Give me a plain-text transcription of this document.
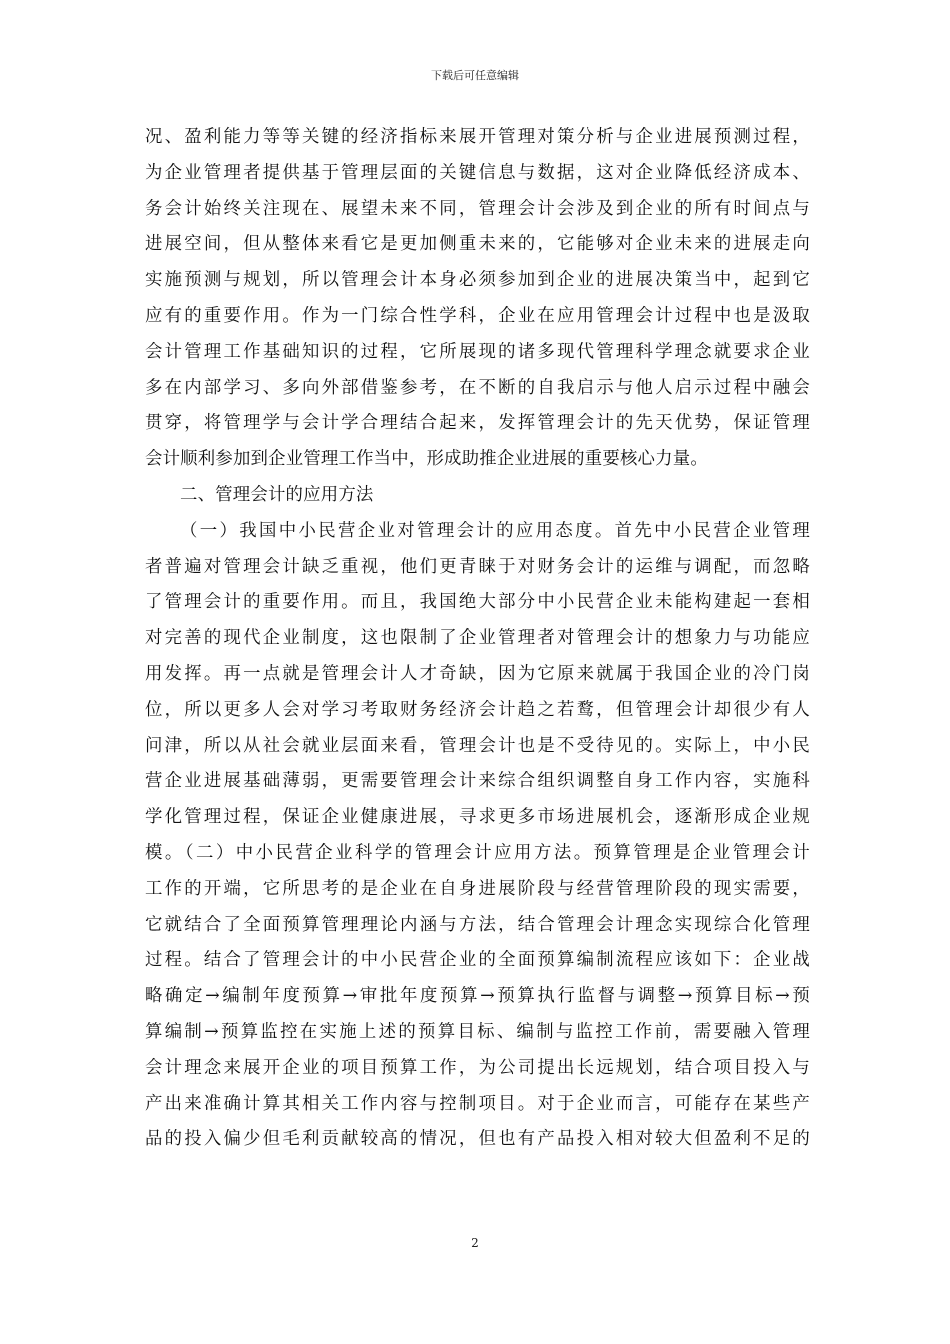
下载后可任意编辑
况、盈利能力等等关键的经济指标来展开管理对策分析与企业进展预测过程，
为企业管理者提供基于管理层面的关键信息与数据，这对企业降低经济成本、
务会计始终关注现在、展望未来不同，管理会计会涉及到企业的所有时间点与
进展空间，但从整体来看它是更加侧重未来的，它能够对企业未来的进展走向
实施预测与规划，所以管理会计本身必须参加到企业的进展决策当中，起到它
应有的重要作用。作为一门综合性学科，企业在应用管理会计过程中也是汲取
会计管理工作基础知识的过程，它所展现的诸多现代管理科学理念就要求企业
多在内部学习、多向外部借鉴参考，在不断的自我启示与他人启示过程中融会
贯穿，将管理学与会计学合理结合起来，发挥管理会计的先天优势，保证管理
会计顺利参加到企业管理工作当中，形成助推企业进展的重要核心力量。
二、管理会计的应用方法
（一）我国中小民营企业对管理会计的应用态度。首先中小民营企业管理
者普遍对管理会计缺乏重视，他们更青睐于对财务会计的运维与调配，而忽略
了管理会计的重要作用。而且，我国绝大部分中小民营企业未能构建起一套相
对完善的现代企业制度，这也限制了企业管理者对管理会计的想象力与功能应
用发挥。再一点就是管理会计人才奇缺，因为它原来就属于我国企业的冷门岗
位，所以更多人会对学习考取财务经济会计趋之若鹜，但管理会计却很少有人
问津，所以从社会就业层面来看，管理会计也是不受待见的。实际上，中小民
营企业进展基础薄弱，更需要管理会计来综合组织调整自身工作内容，实施科
学化管理过程，保证企业健康进展，寻求更多市场进展机会，逐渐形成企业规
模。（二）中小民营企业科学的管理会计应用方法。预算管理是企业管理会计
工作的开端，它所思考的是企业在自身进展阶段与经营管理阶段的现实需要，
它就结合了全面预算管理理论内涵与方法，结合管理会计理念实现综合化管理
过程。结合了管理会计的中小民营企业的全面预算编制流程应该如下：企业战
略确定→编制年度预算→审批年度预算→预算执行监督与调整→预算目标→预
算编制→预算监控在实施上述的预算目标、编制与监控工作前，需要融入管理
会计理念来展开企业的项目预算工作，为公司提出长远规划，结合项目投入与
产出来准确计算其相关工作内容与控制项目。对于企业而言，可能存在某些产
品的投入偏少但毛利贡献较高的情况，但也有产品投入相对较大但盈利不足的
2
